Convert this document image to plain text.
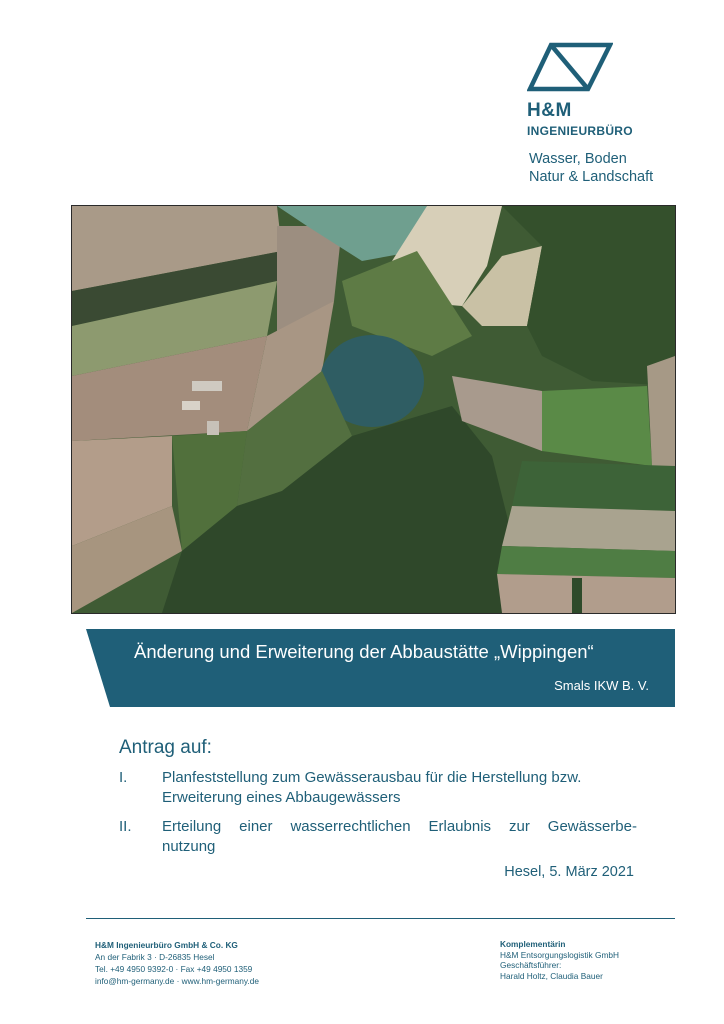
H&M
INGENIEURBÜRO
Wasser, Boden
Natur & Landschaft
Änderung und Erweiterung der Abbaustätte „Wippingen“
Smals IKW B. V.
Antrag auf:
I. Planfeststellung zum Gewässerausbau für die Herstellung bzw.
Erweiterung eines Abbaugewässers
II. Erteilung einer wasserrechtlichen Erlaubnis zur Gewässerbe-
nutzung
Hesel, 5. März 2021
H&M Ingenieurbüro GmbH & Co. KG
An der Fabrik 3 · D-26835 Hesel
Tel. +49 4950 9392-0 · Fax +49 4950 1359
info@hm-germany.de · www.hm-germany.de
Komplementärin
H&M Entsorgungslogistik GmbH
Geschäftsführer:
Harald Holtz, Claudia Bauer
